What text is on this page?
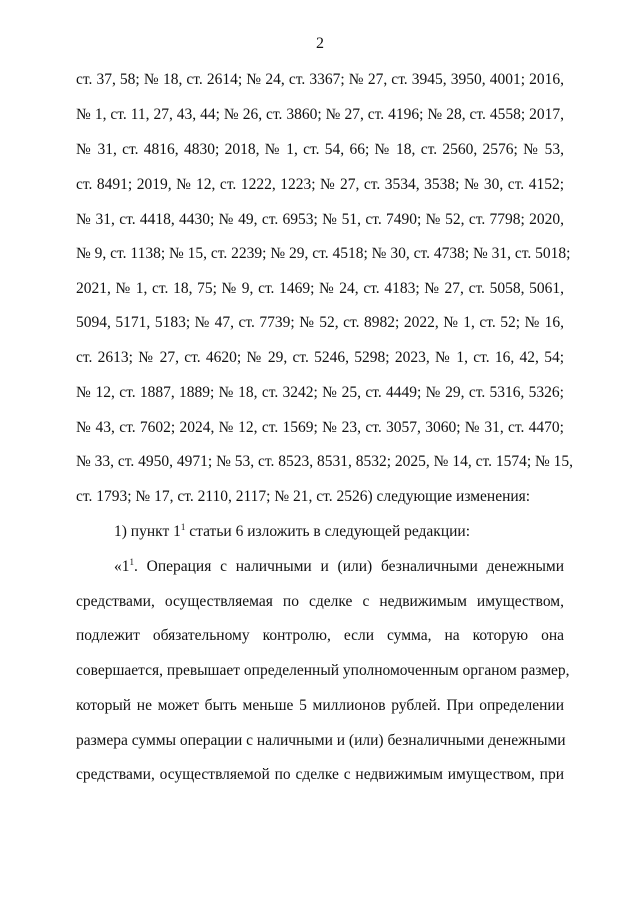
2
ст. 37, 58; № 18, ст. 2614; № 24, ст. 3367; № 27, ст. 3945, 3950, 4001; 2016,
№ 1, ст. 11, 27, 43, 44; № 26, ст. 3860; № 27, ст. 4196; № 28, ст. 4558; 2017,
№ 31, ст. 4816, 4830; 2018, № 1, ст. 54, 66; № 18, ст. 2560, 2576; № 53,
ст. 8491; 2019, № 12, ст. 1222, 1223; № 27, ст. 3534, 3538; № 30, ст. 4152;
№ 31, ст. 4418, 4430; № 49, ст. 6953; № 51, ст. 7490; № 52, ст. 7798; 2020,
№ 9, ст. 1138; № 15, ст. 2239; № 29, ст. 4518; № 30, ст. 4738; № 31, ст. 5018;
2021, № 1, ст. 18, 75; № 9, ст. 1469; № 24, ст. 4183; № 27, ст. 5058, 5061,
5094, 5171, 5183; № 47, ст. 7739; № 52, ст. 8982; 2022, № 1, ст. 52; № 16,
ст. 2613; № 27, ст. 4620; № 29, ст. 5246, 5298; 2023, № 1, ст. 16, 42, 54;
№ 12, ст. 1887, 1889; № 18, ст. 3242; № 25, ст. 4449; № 29, ст. 5316, 5326;
№ 43, ст. 7602; 2024, № 12, ст. 1569; № 23, ст. 3057, 3060; № 31, ст. 4470;
№ 33, ст. 4950, 4971; № 53, ст. 8523, 8531, 8532; 2025, № 14, ст. 1574; № 15,
ст. 1793; № 17, ст. 2110, 2117; № 21, ст. 2526) следующие изменения:
1) пункт $1^1$ статьи 6 изложить в следующей редакции:
«$1^1$. Операция с наличными и (или) безналичными денежными
средствами, осуществляемая по сделке с недвижимым имуществом,
подлежит обязательному контролю, если сумма, на которую она
совершается, превышает определенный уполномоченным органом размер,
который не может быть меньше 5 миллионов рублей. При определении
размера суммы операции с наличными и (или) безналичными денежными
средствами, осуществляемой по сделке с недвижимым имуществом, при
